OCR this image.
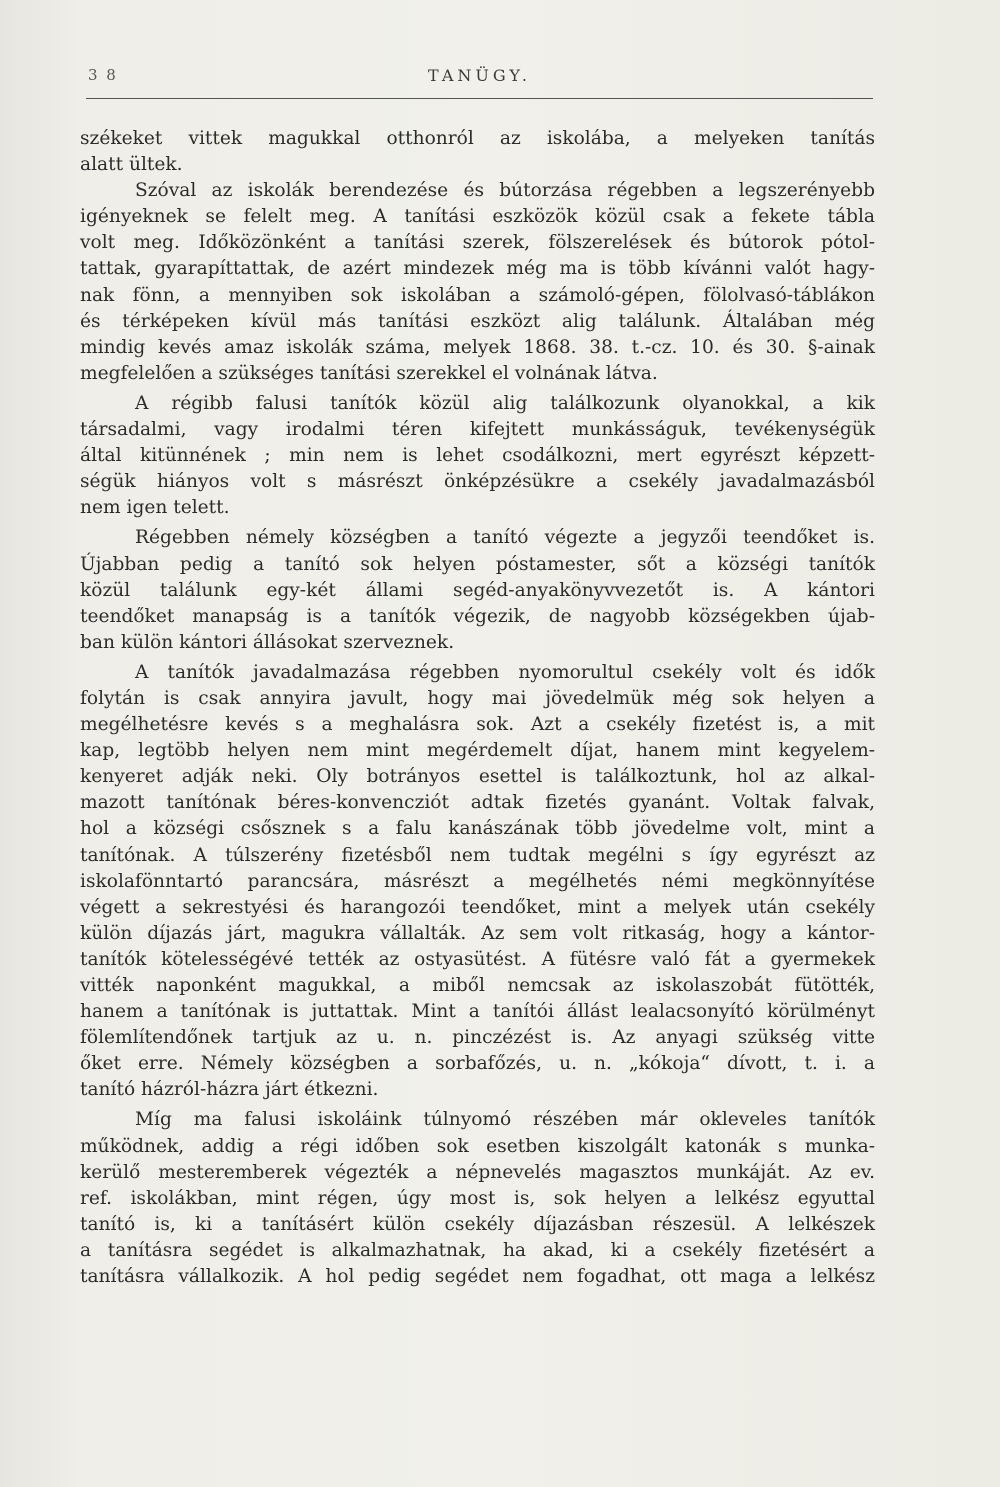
3 8	TANÜGY.
székeket vittek magukkal otthonról az iskolába, a melyeken tanítás
alatt ültek.
Szóval az iskolák berendezése és bútorzása régebben a legszerényebb
igényeknek se felelt meg. A tanítási eszközök közül csak a fekete tábla
volt meg. Időközönként a tanítási szerek, fölszerelések és bútorok pótol-
tattak, gyarapíttattak, de azért mindezek még ma is több kívánni valót hagy-
nak fönn, a mennyiben sok iskolában a számoló-gépen, fölolvasó-táblákon
és térképeken kívül más tanítási eszközt alig találunk. Általában még
mindig kevés amaz iskolák száma, melyek 1868. 38. t.-cz. 10. és 30. §-ainak
megfelelően a szükséges tanítási szerekkel el volnának látva.
A régibb falusi tanítók közül alig találkozunk olyanokkal, a kik
társadalmi, vagy irodalmi téren kifejtett munkásságuk, tevékenységük
által kitünnének ; min nem is lehet csodálkozni, mert egyrészt képzett-
ségük hiányos volt s másrészt önképzésükre a csekély javadalmazásból
nem igen telett.
Régebben némely községben a tanító végezte a jegyzői teendőket is.
Újabban pedig a tanító sok helyen póstamester, sőt a községi tanítók
közül találunk egy-két állami segéd-anyakönyvvezetőt is. A kántori
teendőket manapság is a tanítók végezik, de nagyobb községekben újab-
ban külön kántori állásokat szerveznek.
A tanítók javadalmazása régebben nyomorultul csekély volt és idők
folytán is csak annyira javult, hogy mai jövedelmük még sok helyen a
megélhetésre kevés s a meghalásra sok. Azt a csekély fizetést is, a mit
kap, legtöbb helyen nem mint megérdemelt díjat, hanem mint kegyelem-
kenyeret adják neki. Oly botrányos esettel is találkoztunk, hol az alkal-
mazott tanítónak béres-konvencziót adtak fizetés gyanánt. Voltak falvak,
hol a községi csősznek s a falu kanászának több jövedelme volt, mint a
tanítónak. A túlszerény fizetésből nem tudtak megélni s így egyrészt az
iskolafönntartó parancsára, másrészt a megélhetés némi megkönnyítése
végett a sekrestyési és harangozói teendőket, mint a melyek után csekély
külön díjazás járt, magukra vállalták. Az sem volt ritkaság, hogy a kántor-
tanítók kötelességévé tették az ostyasütést. A fütésre való fát a gyermekek
vitték naponként magukkal, a miből nemcsak az iskolaszobát fütötték,
hanem a tanítónak is juttattak. Mint a tanítói állást lealacsonyító körülményt
fölemlítendőnek tartjuk az u. n. pinczézést is. Az anyagi szükség vitte
őket erre. Némely községben a sorbafőzés, u. n. „kókoja“ dívott, t. i. a
tanító házról-házra járt étkezni.
Míg ma falusi iskoláink túlnyomó részében már okleveles tanítók
működnek, addig a régi időben sok esetben kiszolgált katonák s munka-
kerülő mesteremberek végezték a népnevelés magasztos munkáját. Az ev.
ref. iskolákban, mint régen, úgy most is, sok helyen a lelkész egyuttal
tanító is, ki a tanításért külön csekély díjazásban részesül. A lelkészek
a tanításra segédet is alkalmazhatnak, ha akad, ki a csekély fizetésért a
tanításra vállalkozik. A hol pedig segédet nem fogadhat, ott maga a lelkész
